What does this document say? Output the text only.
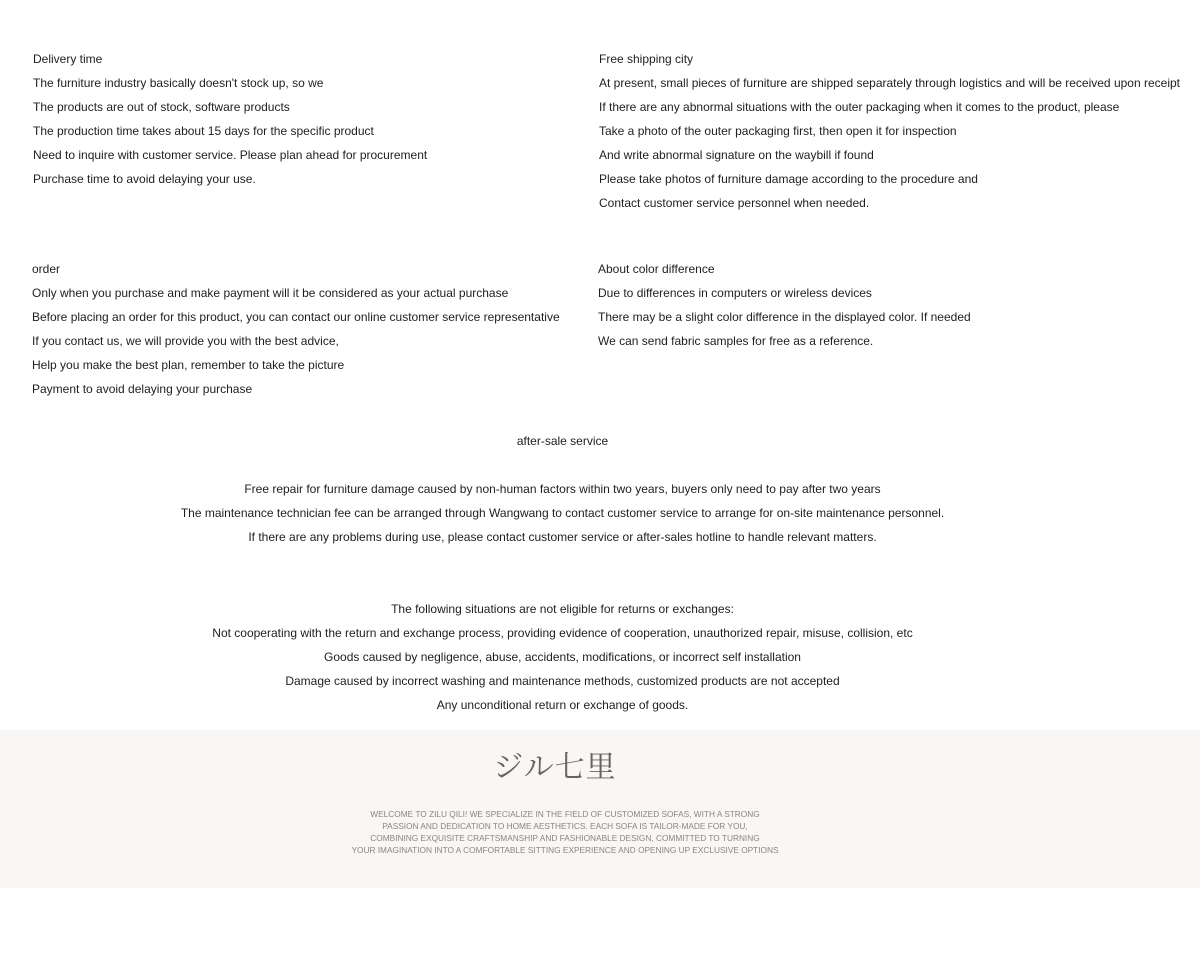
Delivery time
The furniture industry basically doesn't stock up, so we
The products are out of stock, software products
The production time takes about 15 days for the specific product
Need to inquire with customer service. Please plan ahead for procurement
Purchase time to avoid delaying your use.
Free shipping city
At present, small pieces of furniture are shipped separately through logistics and will be received upon receipt
If there are any abnormal situations with the outer packaging when it comes to the product, please
Take a photo of the outer packaging first, then open it for inspection
And write abnormal signature on the waybill if found
Please take photos of furniture damage according to the procedure and
Contact customer service personnel when needed.
order
Only when you purchase and make payment will it be considered as your actual purchase
Before placing an order for this product, you can contact our online customer service representative
If you contact us, we will provide you with the best advice,
Help you make the best plan, remember to take the picture
Payment to avoid delaying your purchase
About color difference
Due to differences in computers or wireless devices
There may be a slight color difference in the displayed color. If needed
We can send fabric samples for free as a reference.
after-sale service
Free repair for furniture damage caused by non-human factors within two years, buyers only need to pay after two years
The maintenance technician fee can be arranged through Wangwang to contact customer service to arrange for on-site maintenance personnel.
If there are any problems during use, please contact customer service or after-sales hotline to handle relevant matters.
The following situations are not eligible for returns or exchanges:
Not cooperating with the return and exchange process, providing evidence of cooperation, unauthorized repair, misuse, collision, etc
Goods caused by negligence, abuse, accidents, modifications, or incorrect self installation
Damage caused by incorrect washing and maintenance methods, customized products are not accepted
Any unconditional return or exchange of goods.
ジル七里
WELCOME TO ZILU QILI! WE SPECIALIZE IN THE FIELD OF CUSTOMIZED SOFAS, WITH A STRONG
PASSION AND DEDICATION TO HOME AESTHETICS. EACH SOFA IS TAILOR-MADE FOR YOU,
COMBINING EXQUISITE CRAFTSMANSHIP AND FASHIONABLE DESIGN, COMMITTED TO TURNING
YOUR IMAGINATION INTO A COMFORTABLE SITTING EXPERIENCE AND OPENING UP EXCLUSIVE OPTIONS
